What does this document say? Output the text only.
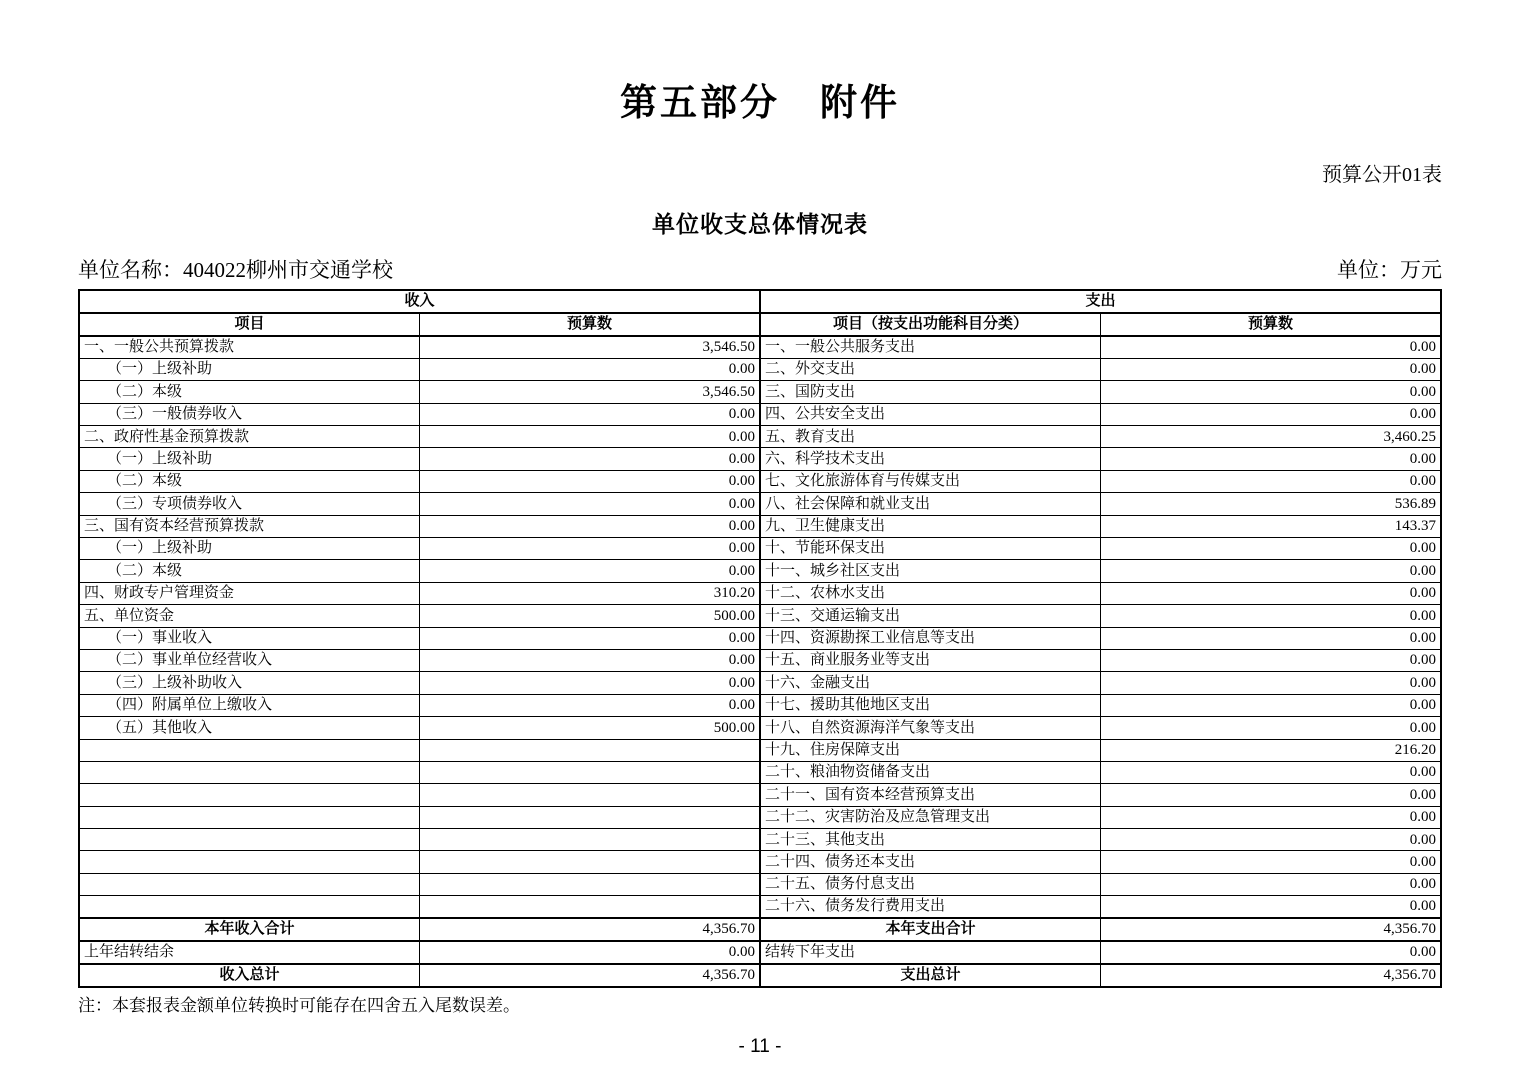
第五部分　附件
预算公开01表
单位收支总体情况表
单位名称：404022柳州市交通学校	单位：万元
收入		支出	
项目	预算数	项目（按支出功能科目分类）	预算数
一、一般公共预算拨款	3,546.50	一、一般公共服务支出	0.00
（一）上级补助	0.00	二、外交支出	0.00
（二）本级	3,546.50	三、国防支出	0.00
（三）一般债券收入	0.00	四、公共安全支出	0.00
二、政府性基金预算拨款	0.00	五、教育支出	3,460.25
（一）上级补助	0.00	六、科学技术支出	0.00
（二）本级	0.00	七、文化旅游体育与传媒支出	0.00
（三）专项债券收入	0.00	八、社会保障和就业支出	536.89
三、国有资本经营预算拨款	0.00	九、卫生健康支出	143.37
（一）上级补助	0.00	十、节能环保支出	0.00
（二）本级	0.00	十一、城乡社区支出	0.00
四、财政专户管理资金	310.20	十二、农林水支出	0.00
五、单位资金	500.00	十三、交通运输支出	0.00
（一）事业收入	0.00	十四、资源勘探工业信息等支出	0.00
（二）事业单位经营收入	0.00	十五、商业服务业等支出	0.00
（三）上级补助收入	0.00	十六、金融支出	0.00
（四）附属单位上缴收入	0.00	十七、援助其他地区支出	0.00
（五）其他收入	500.00	十八、自然资源海洋气象等支出	0.00
		十九、住房保障支出	216.20
		二十、粮油物资储备支出	0.00
		二十一、国有资本经营预算支出	0.00
		二十二、灾害防治及应急管理支出	0.00
		二十三、其他支出	0.00
		二十四、债务还本支出	0.00
		二十五、债务付息支出	0.00
		二十六、债务发行费用支出	0.00
本年收入合计	4,356.70	本年支出合计	4,356.70
上年结转结余	0.00	结转下年支出	0.00
收入总计	4,356.70	支出总计	4,356.70
注：本套报表金额单位转换时可能存在四舍五入尾数误差。
- 11 -
